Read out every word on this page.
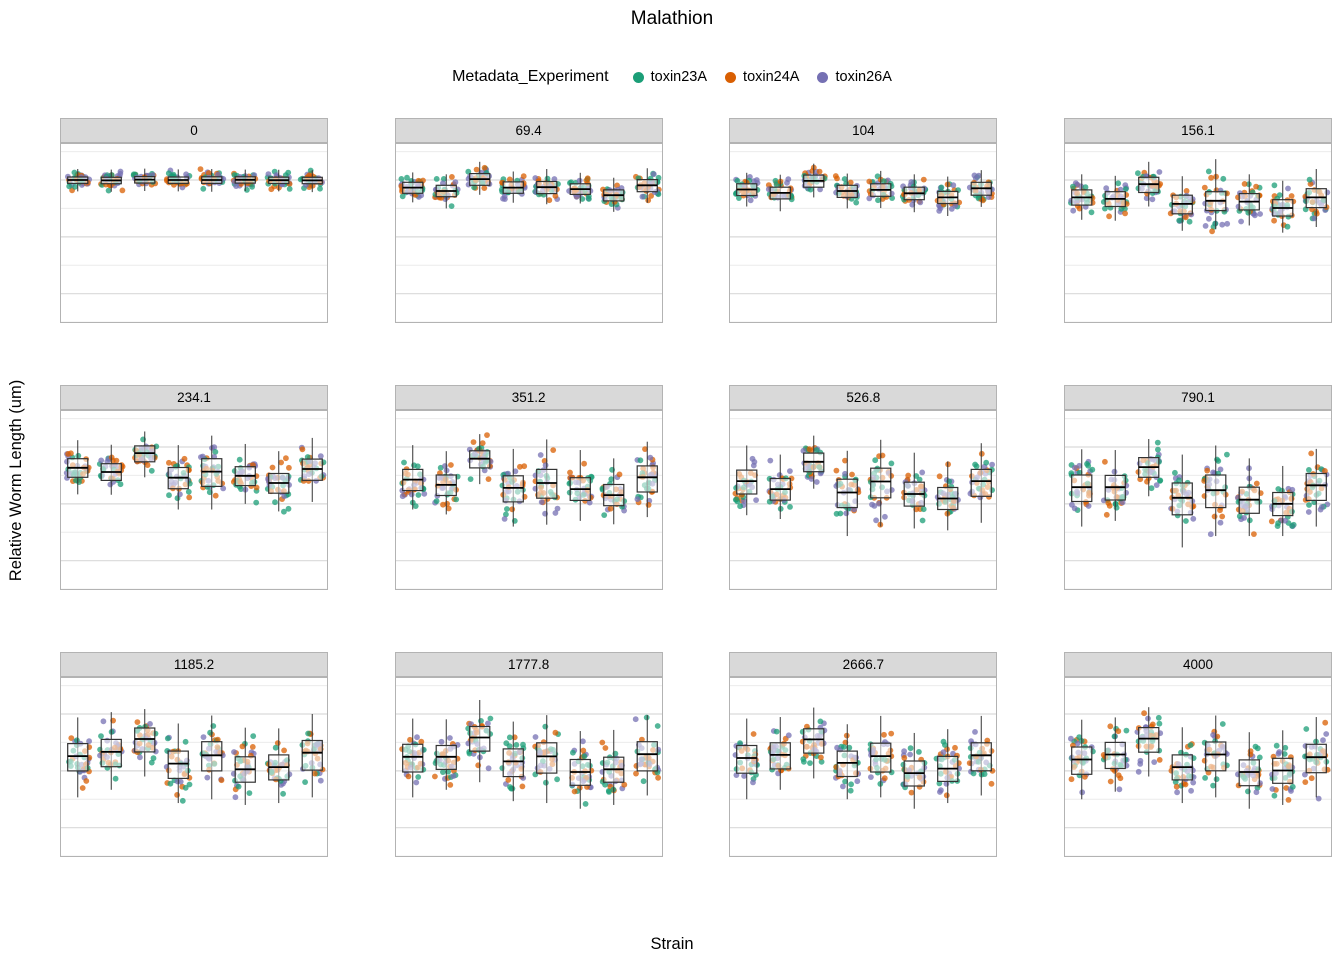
Malathion
Metadata_Experiment	toxin23A toxin24A toxin26A
Relative Worm Length (um)
Strain
0	69.4	104	156.1
234.1	351.2	526.8	790.1
1185.2	1777.8	2666.7	4000
